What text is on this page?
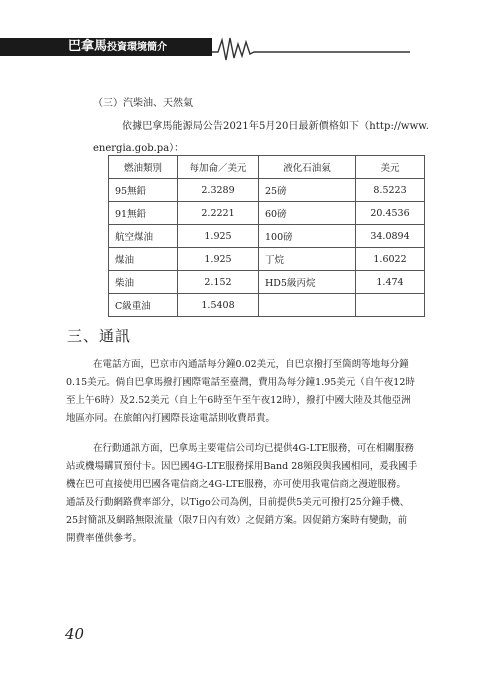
巴拿馬投資環境簡介
（三）汽柴油、天然氣
依據巴拿馬能源局公告2021年5月20日最新價格如下（http://www.
energia.gob.pa）：
燃油類別	每加侖／美元	液化石油氣	美元
95無鉛	2.3289	25磅	8.5223
91無鉛	2.2221	60磅	20.4536
航空煤油	1.925	100磅	34.0894
煤油	1.925	丁烷	1.6022
柴油	2.152	HD5級丙烷	1.474
C級重油	1.5408		
三、通訊
在電話方面，巴京市內通話每分鐘0.02美元，自巴京撥打至箇朗等地每分鐘
0.15美元。倘自巴拿馬撥打國際電話至臺灣，費用為每分鐘1.95美元（自午夜12時
至上午6時）及2.52美元（自上午6時至午至午夜12時），撥打中國大陸及其他亞洲
地區亦同。在旅館內打國際長途電話則收費昂貴。
在行動通訊方面，巴拿馬主要電信公司均已提供4G-LTE服務，可在相關服務
站或機場購買預付卡。因巴國4G-LTE服務採用Band 28頻段與我國相同，爰我國手
機在巴可直接使用巴國各電信商之4G-LTE服務，亦可使用我電信商之漫遊服務。
通話及行動網路費率部分，以Tigo公司為例，目前提供5美元可撥打25分鐘手機、
25封簡訊及網路無限流量（限7日內有效）之促銷方案。因促銷方案時有變動，前
開費率僅供參考。
40
